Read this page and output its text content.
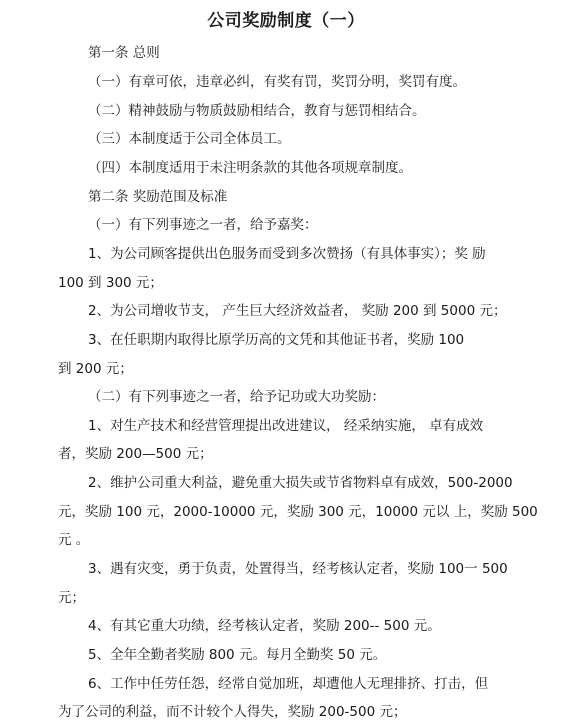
公司奖励制度（一）
第一条 总则
（一）有章可依，违章必纠，有奖有罚，奖罚分明，奖罚有度。
（二）精神鼓励与物质鼓励相结合，教育与惩罚相结合。
（三）本制度适于公司全体员工。
（四）本制度适用于未注明条款的其他各项规章制度。
第二条 奖励范围及标准
（一）有下列事迹之一者，给予嘉奖：
1、为公司顾客提供出色服务而受到多次赞扬（有具体事实）；奖 励
100 到 300 元；
2、为公司增收节支， 产生巨大经济效益者， 奖励 200 到 5000 元；
3、在任职期内取得比原学历高的文凭和其他证书者，奖励 100
到 200 元；
（二）有下列事迹之一者，给予记功或大功奖励：
1、对生产技术和经营管理提出改进建议， 经采纳实施， 卓有成效
者，奖励 200—500 元；
2、维护公司重大利益，避免重大损失或节省物料卓有成效，500-2000
元，奖励 100 元，2000-10000 元，奖励 300 元，10000 元以 上，奖励 500
元 。
3、遇有灾变，勇于负责，处置得当，经考核认定者，奖励 100一 500
元；
4、有其它重大功绩，经考核认定者，奖励 200-- 500 元。
5、全年全勤者奖励 800 元。每月全勤奖 50 元。
6、工作中任劳任怨，经常自觉加班，却遭他人无理排挤、打击，但
为了公司的利益，而不计较个人得失，奖励 200-500 元；
